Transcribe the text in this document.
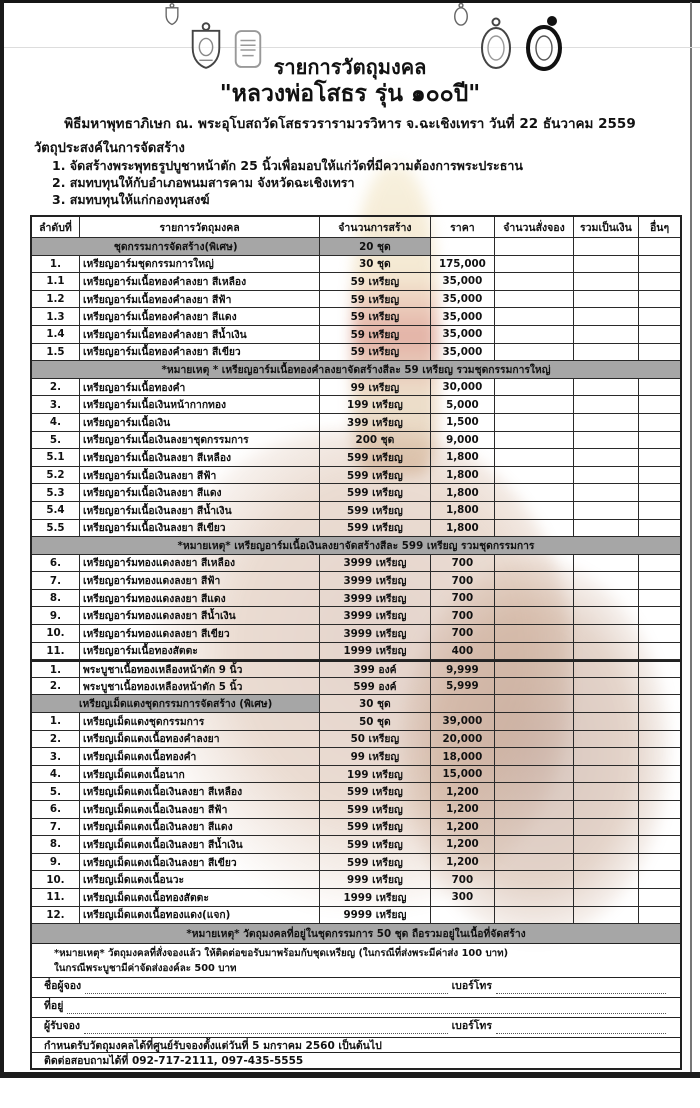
รายการวัตถุมงคล
"หลวงพ่อโสธร รุ่น ๑๐๐ปี"
พิธีมหาพุทธาภิเษก ณ. พระอุโบสถวัดโสธรวรารามวรวิหาร จ.ฉะเชิงเทรา วันที่ 22 ธันวาคม 2559
วัตถุประสงค์ในการจัดสร้าง
1. จัดสร้างพระพุทธรูปบูชาหน้าตัก 25 นิ้วเพื่อมอบให้แก่วัดที่มีความต้องการพระประธาน
2. สมทบทุนให้กับอำเภอพนมสารคาม จังหวัดฉะเชิงเทรา
3. สมทบทุนให้แก่กองทุนสงฆ์
ลำดับที่	รายการวัตถุมงคล	จำนวนการสร้าง	ราคา	จำนวนสั่งจอง	รวมเป็นเงิน	อื่นๆ
ชุดกรรมการจัดสร้าง(พิเศษ)	20 ชุด
1.	เหรียญอาร์มชุดกรรมการใหญ่	30 ชุด	175,000
1.1	เหรียญอาร์มเนื้อทองคำลงยา สีเหลือง	59 เหรียญ	35,000
1.2	เหรียญอาร์มเนื้อทองคำลงยา สีฟ้า	59 เหรียญ	35,000
1.3	เหรียญอาร์มเนื้อทองคำลงยา สีแดง	59 เหรียญ	35,000
1.4	เหรียญอาร์มเนื้อทองคำลงยา สีน้ำเงิน	59 เหรียญ	35,000
1.5	เหรียญอาร์มเนื้อทองคำลงยา สีเขียว	59 เหรียญ	35,000
*หมายเหตุ * เหรียญอาร์มเนื้อทองคำลงยาจัดสร้างสีละ 59 เหรียญ รวมชุดกรรมการใหญ่
2.	เหรียญอาร์มเนื้อทองคำ	99 เหรียญ	30,000
3.	เหรียญอาร์มเนื้อเงินหน้ากากทอง	199 เหรียญ	5,000
4.	เหรียญอาร์มเนื้อเงิน	399 เหรียญ	1,500
5.	เหรียญอาร์มเนื้อเงินลงยาชุดกรรมการ	200 ชุด	9,000
5.1	เหรียญอาร์มเนื้อเงินลงยา สีเหลือง	599 เหรียญ	1,800
5.2	เหรียญอาร์มเนื้อเงินลงยา สีฟ้า	599 เหรียญ	1,800
5.3	เหรียญอาร์มเนื้อเงินลงยา สีแดง	599 เหรียญ	1,800
5.4	เหรียญอาร์มเนื้อเงินลงยา สีน้ำเงิน	599 เหรียญ	1,800
5.5	เหรียญอาร์มเนื้อเงินลงยา สีเขียว	599 เหรียญ	1,800
*หมายเหตุ* เหรียญอาร์มเนื้อเงินลงยาจัดสร้างสีละ 599 เหรียญ รวมชุดกรรมการ
6.	เหรียญอาร์มทองแดงลงยา สีเหลือง	3999 เหรียญ	700
7.	เหรียญอาร์มทองแดงลงยา สีฟ้า	3999 เหรียญ	700
8.	เหรียญอาร์มทองแดงลงยา สีแดง	3999 เหรียญ	700
9.	เหรียญอาร์มทองแดงลงยา สีน้ำเงิน	3999 เหรียญ	700
10.	เหรียญอาร์มทองแดงลงยา สีเขียว	3999 เหรียญ	700
11.	เหรียญอาร์มเนื้อทองสัตตะ	1999 เหรียญ	400
1.	พระบูชาเนื้อทองเหลืองหน้าตัก 9 นิ้ว	399 องค์	9,999
2.	พระบูชาเนื้อทองเหลืองหน้าตัก 5 นิ้ว	599 องค์	5,999
เหรียญเม็ดแตงชุดกรรมการจัดสร้าง (พิเศษ)	30 ชุด
1.	เหรียญเม็ดแตงชุดกรรมการ	50 ชุด	39,000
2.	เหรียญเม็ดแตงเนื้อทองคำลงยา	50 เหรียญ	20,000
3.	เหรียญเม็ดแตงเนื้อทองคำ	99 เหรียญ	18,000
4.	เหรียญเม็ดแตงเนื้อนาก	199 เหรียญ	15,000
5.	เหรียญเม็ดแตงเนื้อเงินลงยา สีเหลือง	599 เหรียญ	1,200
6.	เหรียญเม็ดแตงเนื้อเงินลงยา สีฟ้า	599 เหรียญ	1,200
7.	เหรียญเม็ดแตงเนื้อเงินลงยา สีแดง	599 เหรียญ	1,200
8.	เหรียญเม็ดแตงเนื้อเงินลงยา สีน้ำเงิน	599 เหรียญ	1,200
9.	เหรียญเม็ดแตงเนื้อเงินลงยา สีเขียว	599 เหรียญ	1,200
10.	เหรียญเม็ดแตงเนื้อนวะ	999 เหรียญ	700
11.	เหรียญเม็ดแตงเนื้อทองสัตตะ	1999 เหรียญ	300
12.	เหรียญเม็ดแตงเนื้อทองแดง(แจก)	9999 เหรียญ
*หมายเหตุ* วัตถุมงคลที่อยู่ในชุดกรรมการ 50 ชุด ถือรวมอยู่ในเนื้อที่จัดสร้าง
*หมายเหตุ* วัตถุมงคลที่สั่งจองแล้ว ให้ติดต่อขอรับมาพร้อมกับชุดเหรียญ (ในกรณีที่ส่งพระมีค่าส่ง 100 บาท)
ในกรณีพระบูชามีค่าจัดส่งองค์ละ 500 บาท
ชื่อผู้จอง	เบอร์โทร
ที่อยู่
ผู้รับจอง	เบอร์โทร
กำหนดรับวัตถุมงคลได้ที่ศูนย์รับจองตั้งแต่วันที่ 5 มกราคม 2560 เป็นต้นไป
ติดต่อสอบถามได้ที่ 092-717-2111, 097-435-5555
